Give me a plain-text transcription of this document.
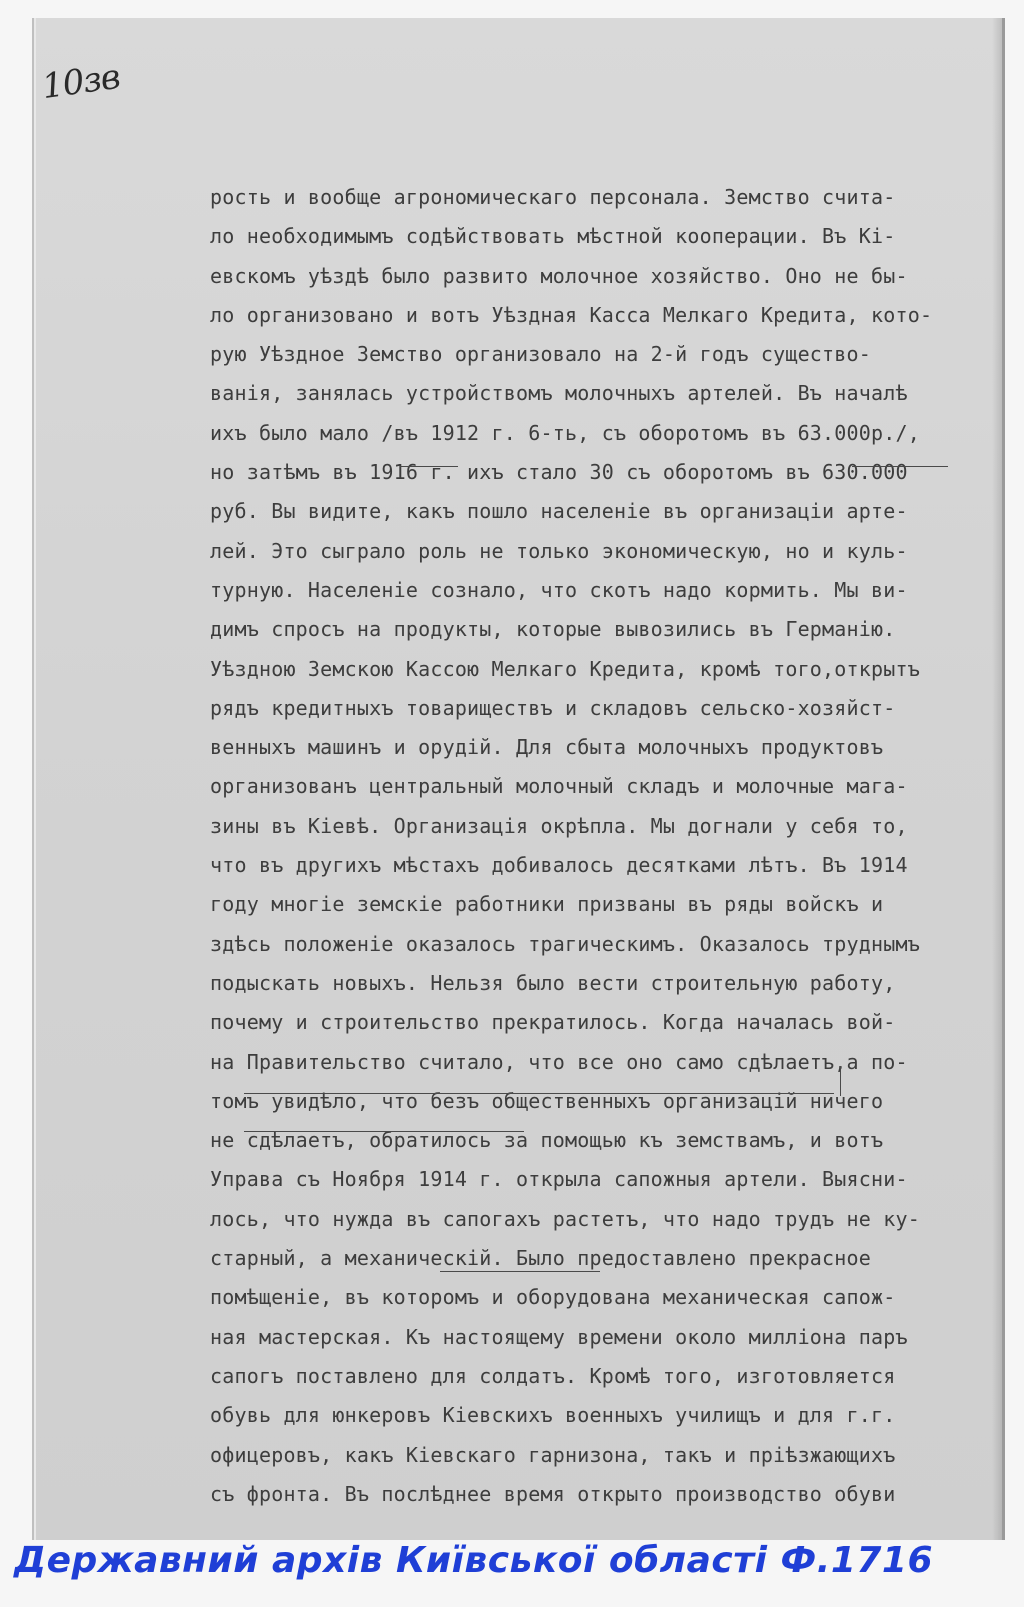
10зв
рость и вообще агрономическаго персонала. Земство счита-
ло необходимымъ содѣйствовать мѣстной кооперации. Въ Кі-
евскомъ уѣздѣ было развито молочное хозяйство. Оно не бы-
ло организовано и вотъ Уѣздная Касса Мелкаго Кредита, кото-
рую Уѣздное Земство организовало на 2-й годъ существо-
ванія, занялась устройствомъ молочныхъ артелей. Въ началѣ
ихъ было мало /въ 1912 г. 6-ть, съ оборотомъ въ 63.000р./,
но затѣмъ въ 1916 г. ихъ стало 30 съ оборотомъ въ 630.000
руб. Вы видите, какъ пошло населеніе въ организаціи арте-
лей. Это сыграло роль не только экономическую, но и куль-
турную. Населеніе сознало, что скотъ надо кормить. Мы ви-
димъ спросъ на продукты, которые вывозились въ Германію.
Уѣздною Земскою Кассою Мелкаго Кредита, кромѣ того,открытъ
рядъ кредитныхъ товариществъ и складовъ сельско-хозяйст-
венныхъ машинъ и орудій. Для сбыта молочныхъ продуктовъ
организованъ центральный молочный складъ и молочные мага-
зины въ Кіевѣ. Организація окрѣпла. Мы догнали у себя то,
что въ другихъ мѣстахъ добивалось десятками лѣтъ. Въ 1914
году многіе земскіе работники призваны въ ряды войскъ и
здѣсь положеніе оказалось трагическимъ. Оказалось труднымъ
подыскать новыхъ. Нельзя было вести строительную работу,
почему и строительство прекратилось. Когда началась вой-
на Правительство считало, что все оно само сдѣлаетъ,а по-
томъ увидѣло, что безъ общественныхъ организацій ничего
не сдѣлаетъ, обратилось за помощью къ земствамъ, и вотъ
Управа съ Ноября 1914 г. открыла сапожныя артели. Выясни-
лось, что нужда въ сапогахъ растетъ, что надо трудъ не ку-
старный, а механическій. Было предоставлено прекрасное
помѣщеніе, въ которомъ и оборудована механическая сапож-
ная мастерская. Къ настоящему времени около милліона паръ
сапогъ поставлено для солдатъ. Кромѣ того, изготовляется
обувь для юнкеровъ Кіевскихъ военныхъ училищъ и для г.г.
офицеровъ, какъ Кіевскаго гарнизона, такъ и пріѣзжающихъ
съ фронта. Въ послѣднее время открыто производство обуви
Державний архів Київської області Ф.1716
